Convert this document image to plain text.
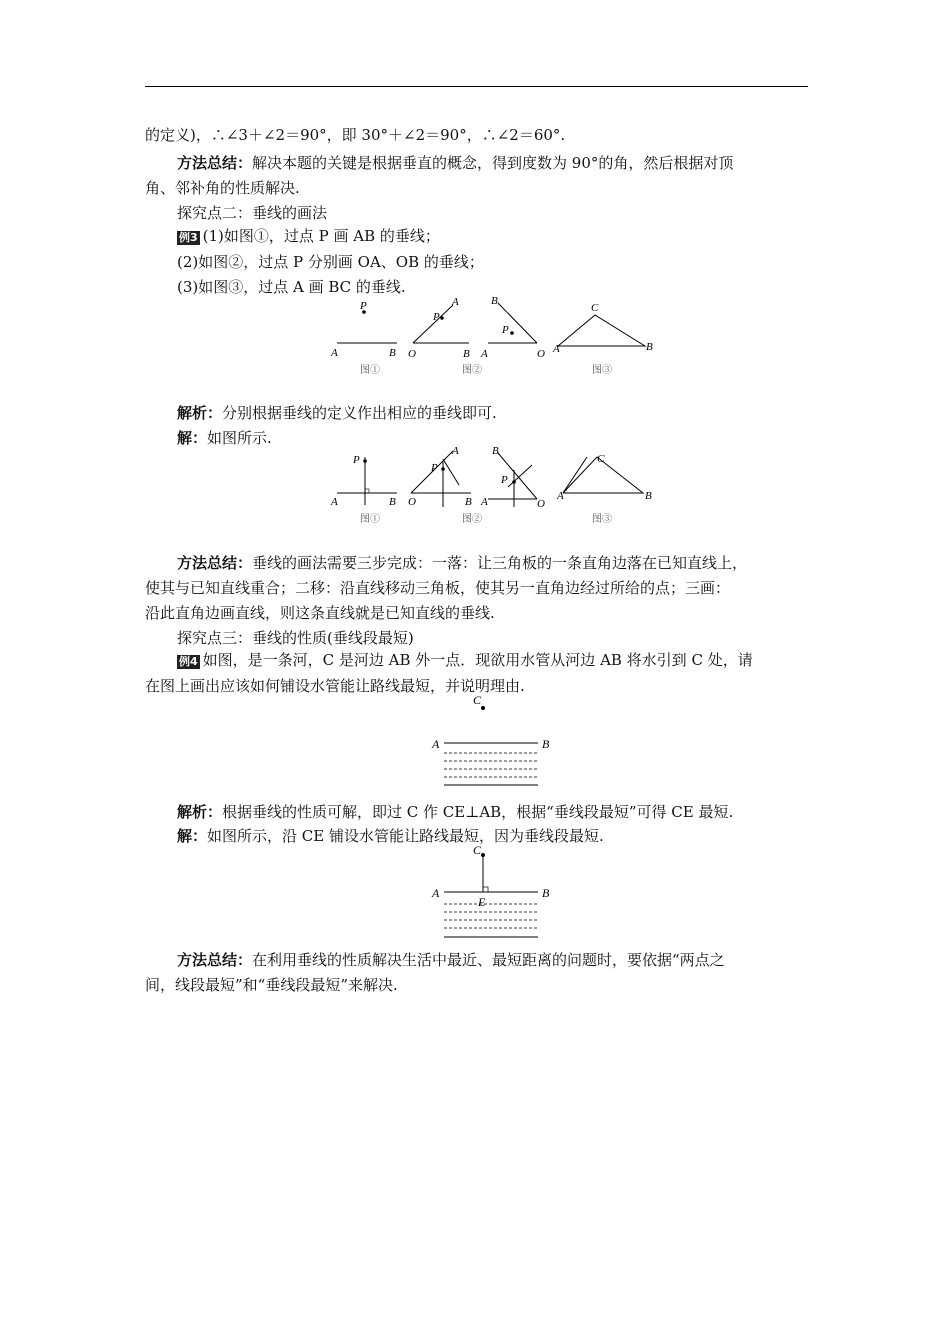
的定义)，∴∠3＋∠2＝90°，即 30°＋∠2＝90°，∴∠2＝60°.
方法总结：解决本题的关键是根据垂直的概念，得到度数为 90°的角，然后根据对顶
角、邻补角的性质解决.
探究点二：垂线的画法
例3 (1)如图①，过点 P 画 AB 的垂线；
(2)如图②，过点 P 分别画 OA、OB 的垂线；
(3)如图③，过点 A 画 BC 的垂线.
P
A	B
P
A
O	B
P
B
A	O
C
A	B
图①	图②	图③
解析：分别根据垂线的定义作出相应的垂线即可.
解：如图所示.
P
A	B
P
A
O	B
P
B
A	O
C
A	B
图①	图②	图③
方法总结：垂线的画法需要三步完成：一落：让三角板的一条直角边落在已知直线上，
使其与已知直线重合；二移：沿直线移动三角板，使其另一直角边经过所给的点；三画：
沿此直角边画直线，则这条直线就是已知直线的垂线.
探究点三：垂线的性质(垂线段最短)
例4 如图，是一条河，C 是河边 AB 外一点．现欲用水管从河边 AB 将水引到 C 处，请
在图上画出应该如何铺设水管能让路线最短，并说明理由.
C
A	B
解析：根据垂线的性质可解，即过 C 作 CE⊥AB，根据“垂线段最短”可得 CE 最短.
解：如图所示，沿 CE 铺设水管能让路线最短，因为垂线段最短.
C
A	B
E
方法总结：在利用垂线的性质解决生活中最近、最短距离的问题时，要依据“两点之
间，线段最短”和“垂线段最短”来解决.
